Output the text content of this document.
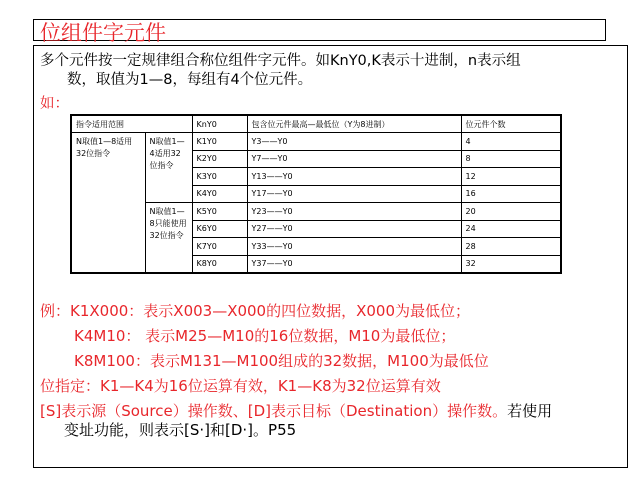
位组件字元件
多个元件按一定规律组合称位组件字元件。如KnY0,K表示十进制，n表示组
数，取值为1—8，每组有4个位元件。
如：
指令适用范围		KnY0	包含位元件最高—最低位（Y为8进制）	位元件个数
N取值1—8适用32位指令	N取值1—4适用32位指令	K1Y0	Y3——Y0	4
		K2Y0	Y7——Y0	8
		K3Y0	Y13——Y0	12
		K4Y0	Y17——Y0	16
	N取值1—8只能使用32位指令	K5Y0	Y23——Y0	20
		K6Y0	Y27——Y0	24
		K7Y0	Y33——Y0	28
		K8Y0	Y37——Y0	32
例：K1X000：表示X003—X000的四位数据，X000为最低位；
K4M10： 表示M25—M10的16位数据，M10为最低位；
K8M100：表示M131—M100组成的32数据，M100为最低位
位指定：K1—K4为16位运算有效，K1—K8为32位运算有效
[S]表示源（Source）操作数、[D]表示目标（Destination）操作数。若使用
变址功能，则表示[S·]和[D·]。P55
